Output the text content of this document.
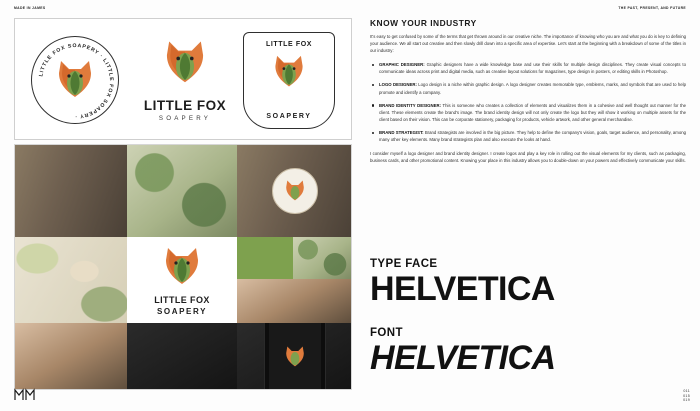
MADE IN JAMES	THE PAST, PRESENT, AND FUTURE
LITTLE FOX SOAPERY · LITTLE FOX SOAPERY ·
LITTLE FOX
SOAPERY
LITTLE FOX
SOAPERY
LITTLE FOX
SOAPERY
KNOW YOUR INDUSTRY

It's easy to get confused by some of the terms that get thrown around in our creative niche. The importance of knowing who you are and what you do is key to defining your audience. We all start out creative and then slowly drill down into a specific area of expertise. Let's start at the beginning with a breakdown of some of the titles in our industry:

GRAPHIC DESIGNER: Graphic designers have a wide knowledge base and use their skills for multiple design disciplines. They create visual concepts to communicate ideas across print and digital media, such as creative layout solutions for magazines, type design in posters, or editing skills in Photoshop.
LOGO DESIGNER: Logo design is a niche within graphic design. A logo designer creates memorable type, emblems, marks, and symbols that are used to help promote and identify a company.
BRAND IDENTITY DESIGNER: This is someone who creates a collection of elements and visualizes them in a cohesive and well thought out manner for the client. These elements create the brand's image. The brand identity design will not only create the logo but they will show it working on multiple assets for the client based on their vision. This can be corporate stationery, packaging for products, vehicle artwork, and other general merchandise.
BRAND STRATEGIST: Brand strategists are involved in the big picture. They help to define the company's vision, goals, target audience, and personality, among many other key elements. Many brand strategists plan and also execute the looks at hand.

I consider myself a logo designer and brand identity designer. I create logos and play a key role in rolling out the visual elements for my clients, such as packaging, business cards, and other promotional content. Knowing your place in this industry allows you to double-down on your powers and effectively communicate your skills.

TYPE FACE
HELVETICA
FONT
HELVETICA
011
015
019
